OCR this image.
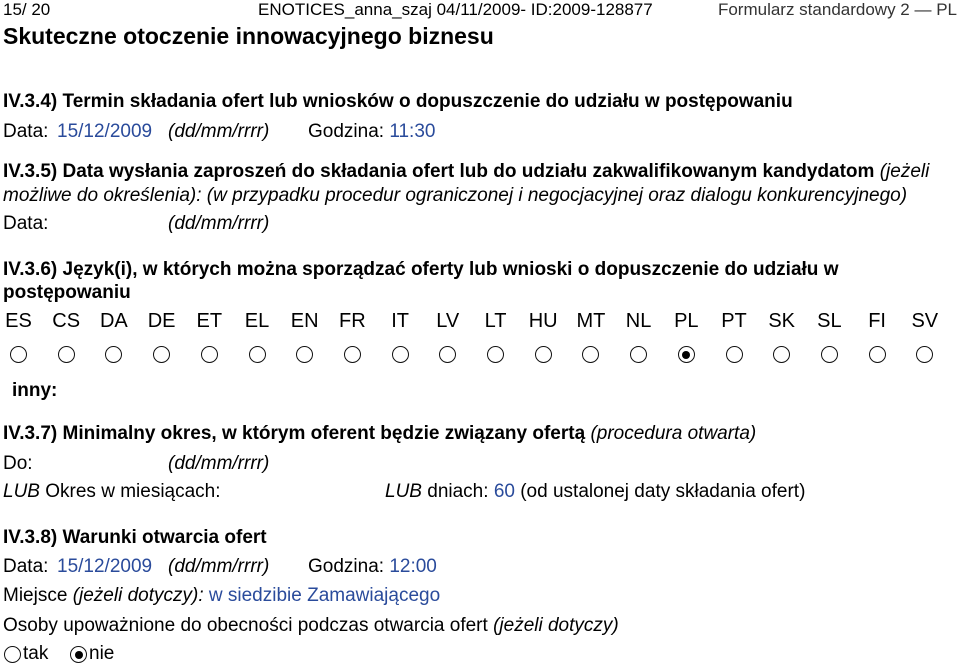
15/ 20	ENOTICES_anna_szaj 04/11/2009- ID:2009-128877	Formularz standardowy 2 — PL
Skuteczne otoczenie innowacyjnego biznesu
IV.3.4) Termin składania ofert lub wniosków o dopuszczenie do udziału w postępowaniu
Data: 15/12/2009 (dd/mm/rrrr) Godzina: 11:30
IV.3.5) Data wysłania zaproszeń do składania ofert lub do udziału zakwalifikowanym kandydatom (jeżeli
możliwe do określenia): (w przypadku procedur ograniczonej i negocjacyjnej oraz dialogu konkurencyjnego)
Data:	(dd/mm/rrrr)
IV.3.6) Język(i), w których można sporządzać oferty lub wnioski o dopuszczenie do udziału w
postępowaniu
ES	CS DA DE	ET	EL	EN	FR	IT	LV	LT	HU MT	NL	PL	PT	SK	SL	FI	SV
inny:
IV.3.7) Minimalny okres, w którym oferent będzie związany ofertą (procedura otwarta)
Do:	(dd/mm/rrrr)
LUB Okres w miesiącach:	LUB dniach: 60 (od ustalonej daty składania ofert)
IV.3.8) Warunki otwarcia ofert
Data: 15/12/2009 (dd/mm/rrrr) Godzina: 12:00
Miejsce (jeżeli dotyczy): w siedzibie Zamawiającego
Osoby upoważnione do obecności podczas otwarcia ofert (jeżeli dotyczy)
tak nie
